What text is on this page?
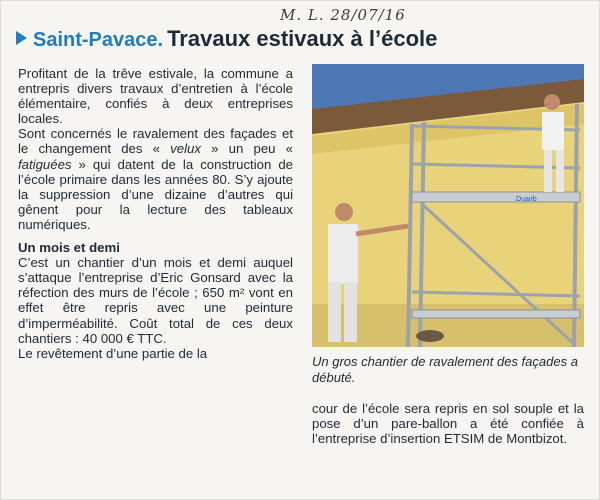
M. L. 28/07/16
Saint-Pavace. Travaux estivaux à l’école

Profitant de la trêve estivale, la commune a entrepris divers travaux d’entretien à l’école élémentaire, confiés à deux entreprises locales.

Sont concernés le ravalement des façades et le changement des « velux » un peu « fatiguées » qui datent de la construction de l’école primaire dans les années 80. S’y ajoute la suppression d’une dizaine d’autres qui gênent pour la lecture des tableaux numériques.

Un mois et demi

C’est un chantier d’un mois et demi auquel s’attaque l’entreprise d’Eric Gonsard avec la réfection des murs de l’école ; 650 m² vont en effet être repris avec une peinture d’imperméabilité. Coût total de ces deux chantiers : 40 000 € TTC.

Le revêtement d’une partie de la

Duarib
Un gros chantier de ravalement des façades a débuté.

cour de l’école sera repris en sol souple et la pose d’un pare-ballon a été confiée à l’entreprise d’insertion ETSIM de Montbizot.
